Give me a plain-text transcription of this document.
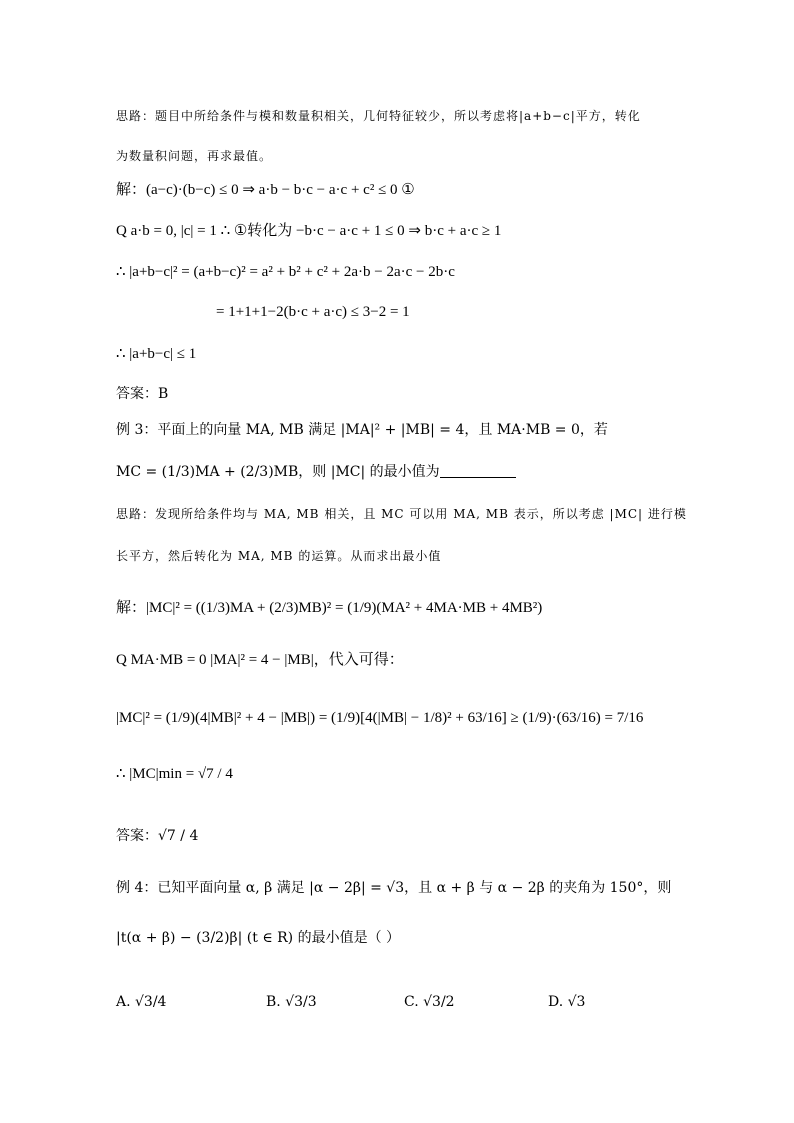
思路：题目中所给条件与模和数量积相关，几何特征较少，所以考虑将|a+b−c|平方，转化
为数量积问题，再求最值。
解：(a−c)·(b−c) ≤ 0 ⇒ a·b − b·c − a·c + c² ≤ 0 ①
Q a·b = 0, |c| = 1 ∴ ①转化为 −b·c − a·c + 1 ≤ 0 ⇒ b·c + a·c ≥ 1
∴ |a+b−c|² = (a+b−c)² = a² + b² + c² + 2a·b − 2a·c − 2b·c
= 1+1+1−2(b·c + a·c) ≤ 3−2 = 1
∴ |a+b−c| ≤ 1
答案：B
例 3：平面上的向量 MA, MB 满足 |MA|² + |MB| = 4，且 MA·MB = 0，若
MC = (1/3)MA + (2/3)MB，则 |MC| 的最小值为
思路：发现所给条件均与 MA, MB 相关，且 MC 可以用 MA, MB 表示，所以考虑 |MC| 进行模
长平方，然后转化为 MA, MB 的运算。从而求出最小值
解：|MC|² = ((1/3)MA + (2/3)MB)² = (1/9)(MA² + 4MA·MB + 4MB²)
Q MA·MB = 0 |MA|² = 4 − |MB|，代入可得：
|MC|² = (1/9)(4|MB|² + 4 − |MB|) = (1/9)[4(|MB| − 1/8)² + 63/16] ≥ (1/9)·(63/16) = 7/16
∴ |MC|min = √7 / 4
答案：√7 / 4
例 4：已知平面向量 α, β 满足 |α − 2β| = √3，且 α + β 与 α − 2β 的夹角为 150°，则
|t(α + β) − (3/2)β| (t ∈ R) 的最小值是（ ）
A. √3/4	B. √3/3	C. √3/2	D. √3
